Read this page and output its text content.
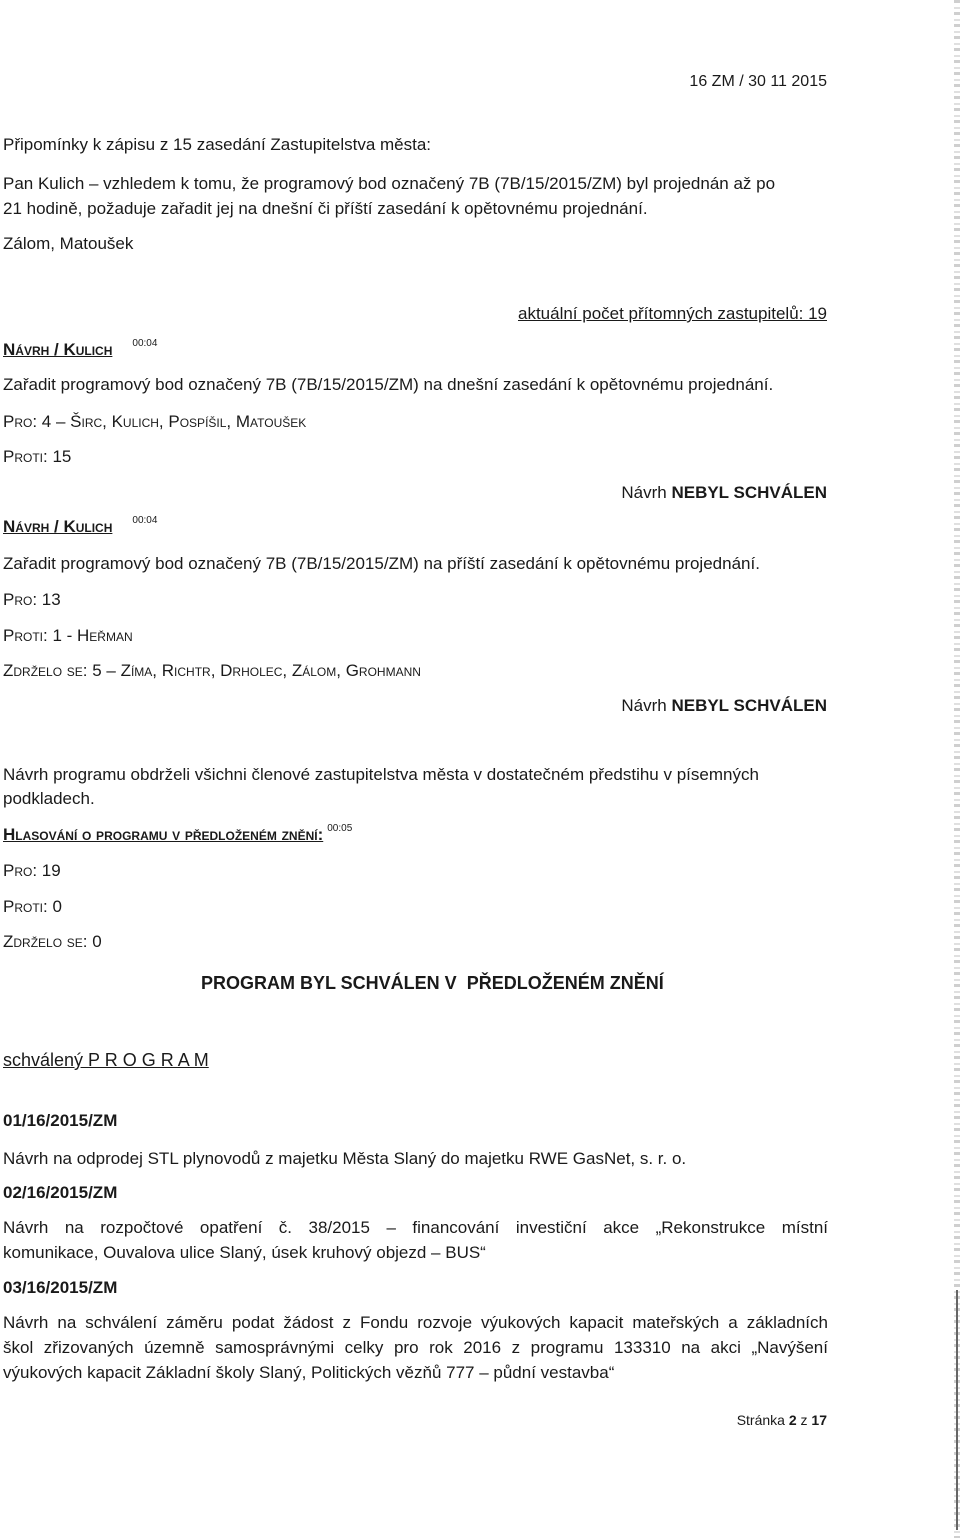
16 ZM / 30 11 2015
Připomínky k zápisu z 15 zasedání Zastupitelstva města:
Pan Kulich – vzhledem k tomu, že programový bod označený 7B (7B/15/2015/ZM) byl projednán až po
21 hodině, požaduje zařadit jej na dnešní či příští zasedání k opětovnému projednání.
Zálom, Matoušek
aktuální počet přítomných zastupitelů: 19
Návrh / Kulich $^{00:04}$
Zařadit programový bod označený 7B (7B/15/2015/ZM) na dnešní zasedání k opětovnému projednání.
Pro: 4 – Širc, Kulich, Pospíšil, Matoušek
Proti: 15
Návrh NEBYL SCHVÁLEN
Návrh / Kulich $^{00:04}$
Zařadit programový bod označený 7B (7B/15/2015/ZM) na příští zasedání k opětovnému projednání.
Pro: 13
Proti: 1 - Heřman
Zdrželo se: 5 – Zíma, Richtr, Drholec, Zálom, Grohmann
Návrh NEBYL SCHVÁLEN
Návrh programu obdrželi všichni členové zastupitelstva města v dostatečném předstihu v písemných
podkladech.
Hlasování o programu v předloženém znění: $^{00:05}$
Pro: 19
Proti: 0
Zdrželo se: 0
PROGRAM BYL SCHVÁLEN V  PŘEDLOŽENÉM ZNĚNÍ
schválený P R O G R A M
01/16/2015/ZM
Návrh na odprodej STL plynovodů z majetku Města Slaný do majetku RWE GasNet, s. r. o.
02/16/2015/ZM
Návrh na rozpočtové opatření č. 38/2015 – financování investiční akce „Rekonstrukce místní
komunikace, Ouvalova ulice Slaný, úsek kruhový objezd – BUS“
03/16/2015/ZM
Návrh na schválení záměru podat žádost z Fondu rozvoje výukových kapacit mateřských a základních
škol zřizovaných územně samosprávnými celky pro rok 2016 z programu 133310 na akci „Navýšení
výukových kapacit Základní školy Slaný, Politických vězňů 777 – půdní vestavba“
Stránka 2 z 17
